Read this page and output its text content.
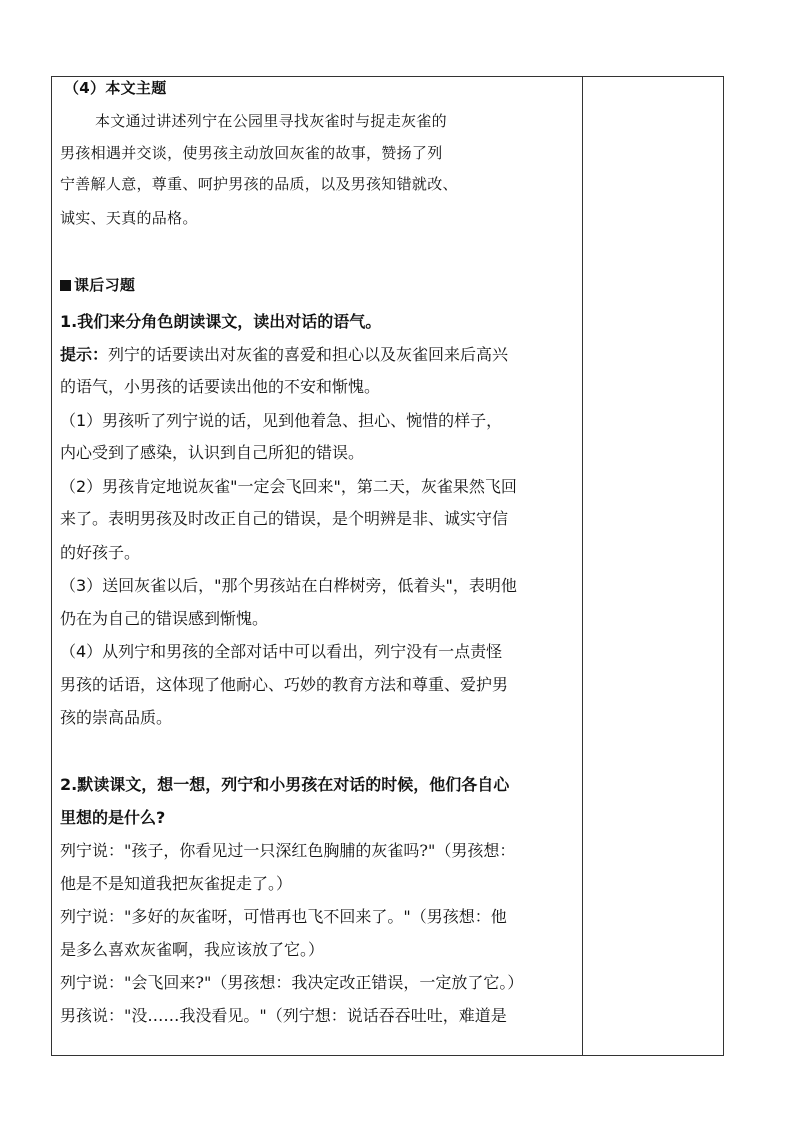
（4）本文主题
本文通过讲述列宁在公园里寻找灰雀时与捉走灰雀的
男孩相遇并交谈，使男孩主动放回灰雀的故事，赞扬了列
宁善解人意，尊重、呵护男孩的品质，以及男孩知错就改、
诚实、天真的品格。
课后习题
1.我们来分角色朗读课文，读出对话的语气。
提示：列宁的话要读出对灰雀的喜爱和担心以及灰雀回来后高兴
的语气，小男孩的话要读出他的不安和惭愧。
（1）男孩听了列宁说的话，见到他着急、担心、惋惜的样子，
内心受到了感染，认识到自己所犯的错误。
（2）男孩肯定地说灰雀"一定会飞回来"，第二天，灰雀果然飞回
来了。表明男孩及时改正自己的错误，是个明辨是非、诚实守信
的好孩子。
（3）送回灰雀以后，"那个男孩站在白桦树旁，低着头"，表明他
仍在为自己的错误感到惭愧。
（4）从列宁和男孩的全部对话中可以看出，列宁没有一点责怪
男孩的话语，这体现了他耐心、巧妙的教育方法和尊重、爱护男
孩的崇高品质。
2.默读课文，想一想，列宁和小男孩在对话的时候，他们各自心
里想的是什么?
列宁说："孩子，你看见过一只深红色胸脯的灰雀吗?"（男孩想：
他是不是知道我把灰雀捉走了。）
列宁说："多好的灰雀呀，可惜再也飞不回来了。"（男孩想：他
是多么喜欢灰雀啊，我应该放了它。）
列宁说："会飞回来?"（男孩想：我决定改正错误，一定放了它。）
男孩说："没……我没看见。"（列宁想：说话吞吞吐吐，难道是
